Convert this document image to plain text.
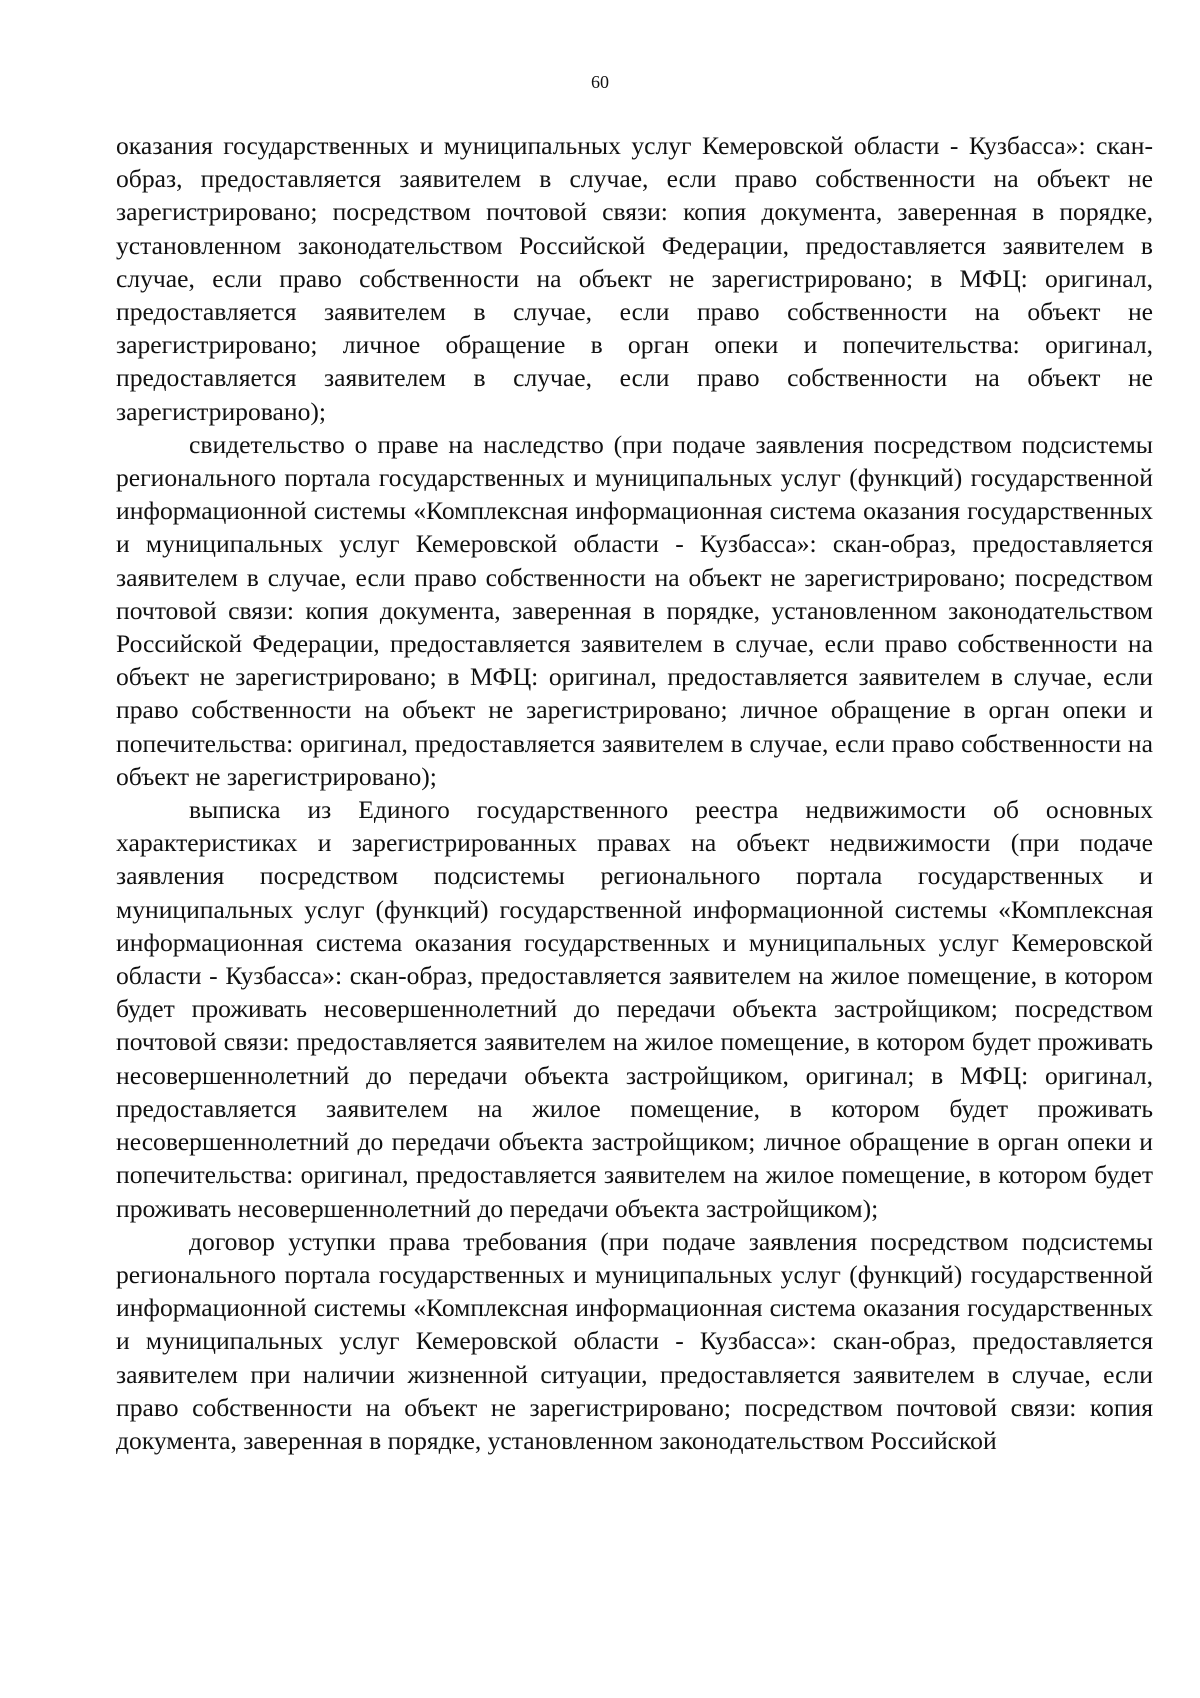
60

оказания государственных и муниципальных услуг Кемеровской области - Кузбасса»: скан-образ, предоставляется заявителем в случае, если право собственности на объект не зарегистрировано; посредством почтовой связи: копия документа, заверенная в порядке, установленном законодательством Российской Федерации, предоставляется заявителем в случае, если право собственности на объект не зарегистрировано; в МФЦ: оригинал, предоставляется заявителем в случае, если право собственности на объект не зарегистрировано; личное обращение в орган опеки и попечительства: оригинал, предоставляется заявителем в случае, если право собственности на объект не зарегистрировано);

свидетельство о праве на наследство (при подаче заявления посредством подсистемы регионального портала государственных и муниципальных услуг (функций) государственной информационной системы «Комплексная информационная система оказания государственных и муниципальных услуг Кемеровской области - Кузбасса»: скан-образ, предоставляется заявителем в случае, если право собственности на объект не зарегистрировано; посредством почтовой связи: копия документа, заверенная в порядке, установленном законодательством Российской Федерации, предоставляется заявителем в случае, если право собственности на объект не зарегистрировано; в МФЦ: оригинал, предоставляется заявителем в случае, если право собственности на объект не зарегистрировано; личное обращение в орган опеки и попечительства: оригинал, предоставляется заявителем в случае, если право собственности на объект не зарегистрировано);

выписка из Единого государственного реестра недвижимости об основных характеристиках и зарегистрированных правах на объект недвижимости (при подаче заявления посредством подсистемы регионального портала государственных и муниципальных услуг (функций) государственной информационной системы «Комплексная информационная система оказания государственных и муниципальных услуг Кемеровской области - Кузбасса»: скан-образ, предоставляется заявителем на жилое помещение, в котором будет проживать несовершеннолетний до передачи объекта застройщиком; посредством почтовой связи: предоставляется заявителем на жилое помещение, в котором будет проживать несовершеннолетний до передачи объекта застройщиком, оригинал; в МФЦ: оригинал, предоставляется заявителем на жилое помещение, в котором будет проживать несовершеннолетний до передачи объекта застройщиком; личное обращение в орган опеки и попечительства: оригинал, предоставляется заявителем на жилое помещение, в котором будет проживать несовершеннолетний до передачи объекта застройщиком);

договор уступки права требования (при подаче заявления посредством подсистемы регионального портала государственных и муниципальных услуг (функций) государственной информационной системы «Комплексная информационная система оказания государственных и муниципальных услуг Кемеровской области - Кузбасса»: скан-образ, предоставляется заявителем при наличии жизненной ситуации, предоставляется заявителем в случае, если право собственности на объект не зарегистрировано; посредством почтовой связи: копия документа, заверенная в порядке, установленном законодательством Российской
